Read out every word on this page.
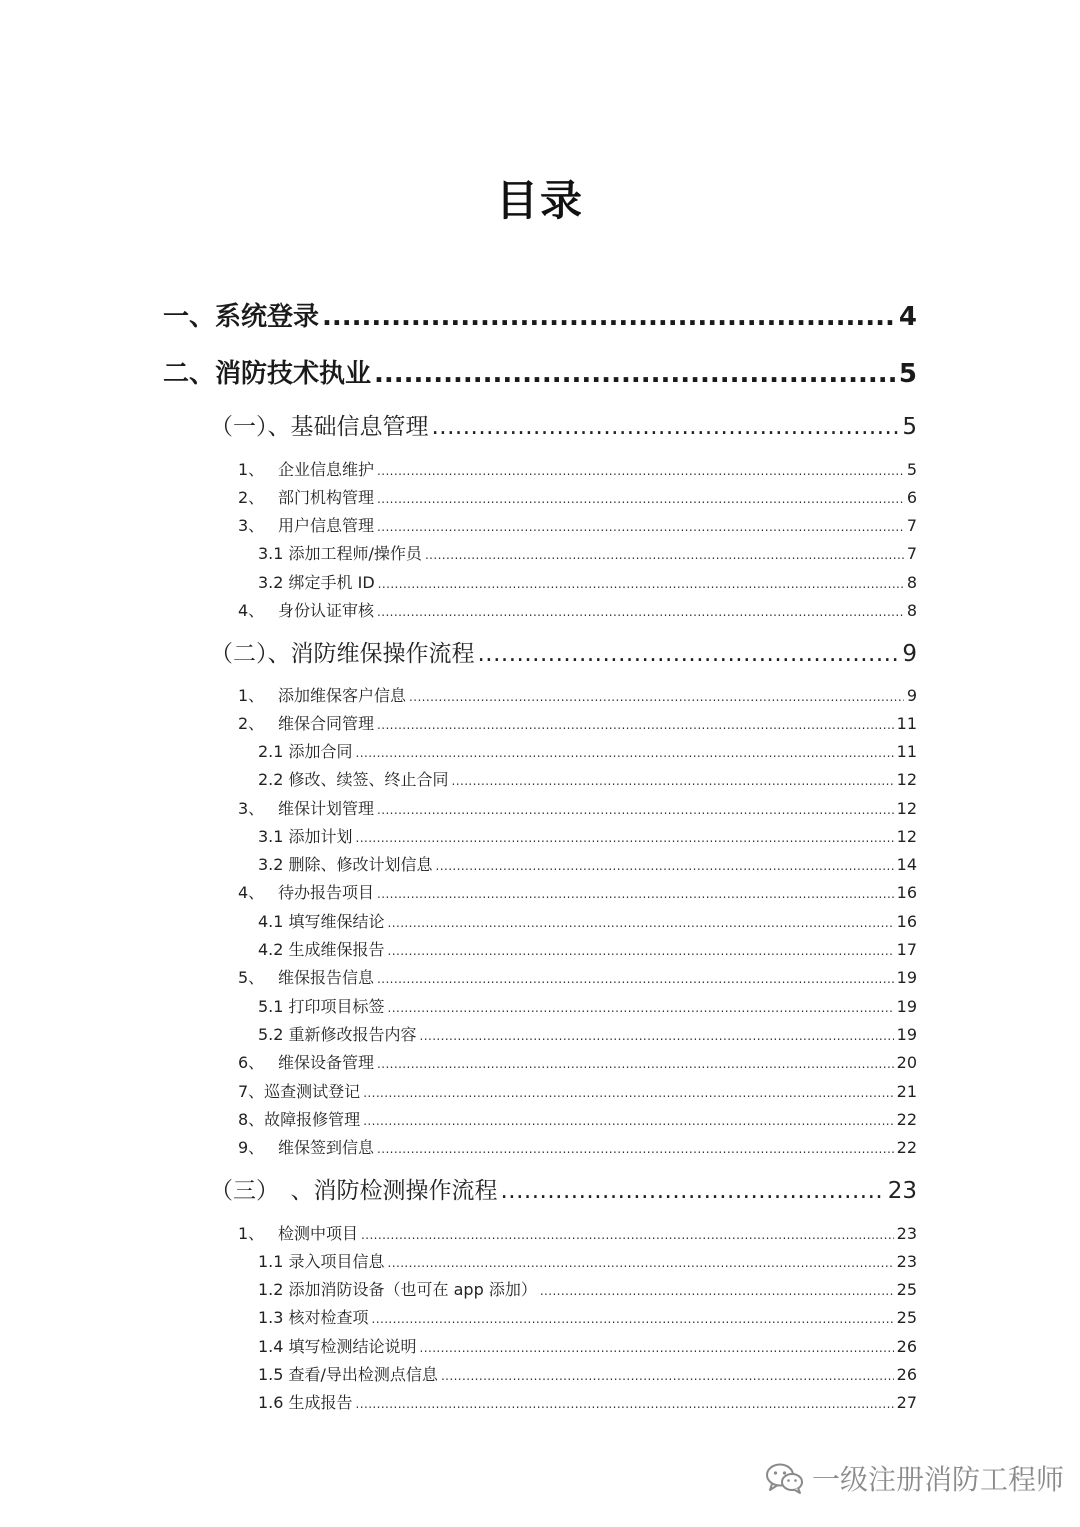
目录
一、系统登录 .....	4
二、消防技术执业 .....	5
（一）、基础信息管理 .....	5
1、 企业信息维护 .....	5
2、 部门机构管理 .....	6
3、 用户信息管理 .....	7
3.1 添加工程师/操作员 .....	7
3.2 绑定手机 ID .....	8
4、 身份认证审核 .....	8
（二）、消防维保操作流程 .....	9
1、 添加维保客户信息 .....	9
2、 维保合同管理 .....	11
2.1 添加合同 .....	11
2.2 修改、续签、终止合同 .....	12
3、 维保计划管理 .....	12
3.1 添加计划 .....	12
3.2 删除、修改计划信息 .....	14
4、 待办报告项目 .....	16
4.1 填写维保结论 .....	16
4.2 生成维保报告 .....	17
5、 维保报告信息 .....	19
5.1 打印项目标签 .....	19
5.2 重新修改报告内容 .....	19
6、 维保设备管理 .....	20
7、巡查测试登记 .....	21
8、故障报修管理 .....	22
9、 维保签到信息 .....	22
（三）　、消防检测操作流程 .....	23
1、 检测中项目 .....	23
1.1 录入项目信息 .....	23
1.2 添加消防设备（也可在 app 添加） .....	25
1.3 核对检查项 .....	25
1.4 填写检测结论说明 .....	26
1.5 查看/导出检测点信息 .....	26
1.6 生成报告 .....	27
一级注册消防工程师
